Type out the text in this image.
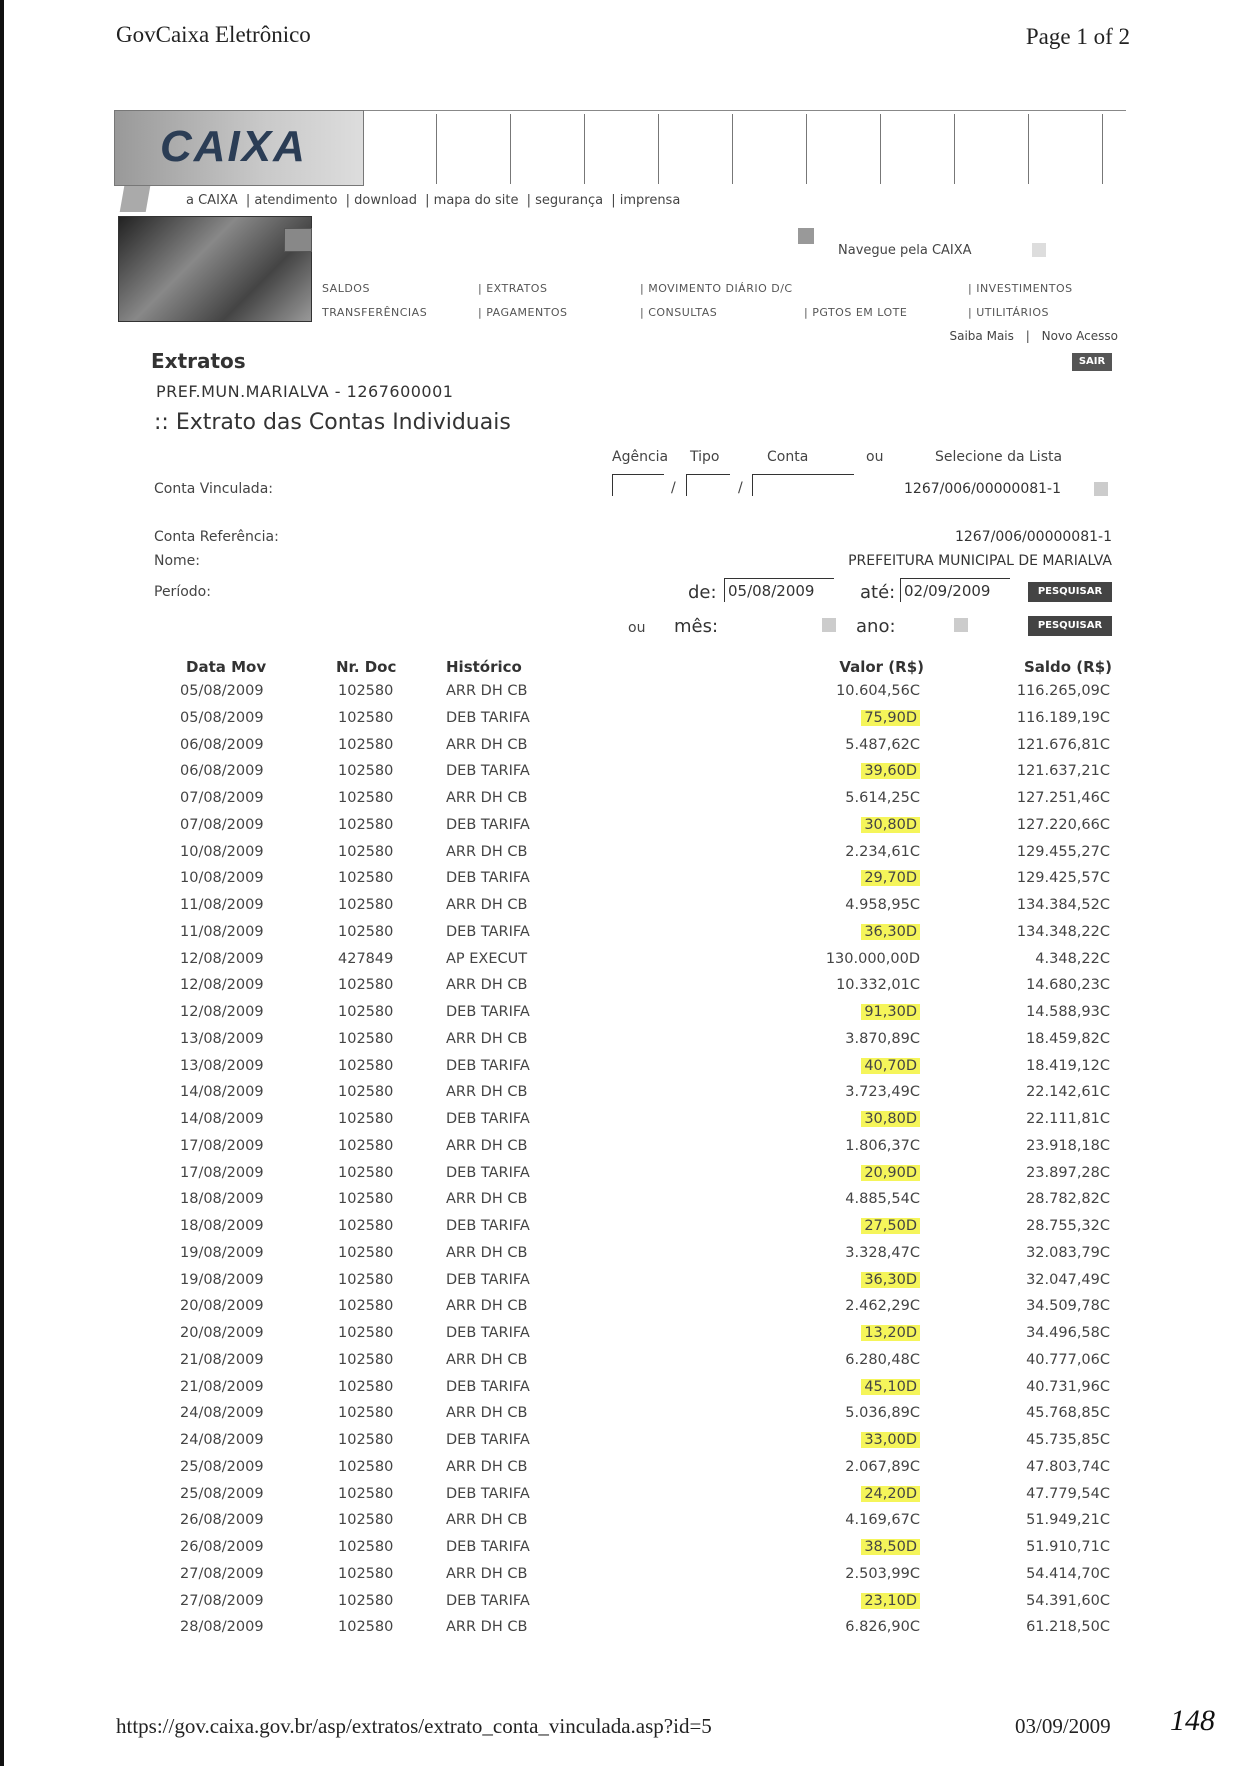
GovCaixa Eletrônico	Page 1 of 2
CAIXA
a CAIXA | atendimento | download | mapa do site | segurança | imprensa
Navegue pela CAIXA
SALDOS	| EXTRATOS	| MOVIMENTO DIÁRIO D/C	| INVESTIMENTOS
TRANSFERÊNCIAS	| PAGAMENTOS	| CONSULTAS	| PGTOS EM LOTE	| UTILITÁRIOS
Saiba Mais | Novo Acesso
Extratos	SAIR
PREF.MUN.MARIALVA - 1267600001
:: Extrato das Contas Individuais
Agência Tipo	Conta	ou	Selecione da Lista
Conta Vinculada:	/	/	1267/006/00000081-1
Conta Referência:	1267/006/00000081-1
Nome:	PREFEITURA MUNICIPAL DE MARIALVA
Período:	de: 05/08/2009	até: 02/09/2009	PESQUISAR
ou mês:	ano:	PESQUISAR
Data Mov	Nr. Doc	Histórico	Valor (R$)	Saldo (R$)
05/08/2009	102580	ARR DH CB	10.604,56C	116.265,09C
05/08/2009	102580	DEB TARIFA	75,90D	116.189,19C
06/08/2009	102580	ARR DH CB	5.487,62C	121.676,81C
06/08/2009	102580	DEB TARIFA	39,60D	121.637,21C
07/08/2009	102580	ARR DH CB	5.614,25C	127.251,46C
07/08/2009	102580	DEB TARIFA	30,80D	127.220,66C
10/08/2009	102580	ARR DH CB	2.234,61C	129.455,27C
10/08/2009	102580	DEB TARIFA	29,70D	129.425,57C
11/08/2009	102580	ARR DH CB	4.958,95C	134.384,52C
11/08/2009	102580	DEB TARIFA	36,30D	134.348,22C
12/08/2009	427849	AP EXECUT	130.000,00D	4.348,22C
12/08/2009	102580	ARR DH CB	10.332,01C	14.680,23C
12/08/2009	102580	DEB TARIFA	91,30D	14.588,93C
13/08/2009	102580	ARR DH CB	3.870,89C	18.459,82C
13/08/2009	102580	DEB TARIFA	40,70D	18.419,12C
14/08/2009	102580	ARR DH CB	3.723,49C	22.142,61C
14/08/2009	102580	DEB TARIFA	30,80D	22.111,81C
17/08/2009	102580	ARR DH CB	1.806,37C	23.918,18C
17/08/2009	102580	DEB TARIFA	20,90D	23.897,28C
18/08/2009	102580	ARR DH CB	4.885,54C	28.782,82C
18/08/2009	102580	DEB TARIFA	27,50D	28.755,32C
19/08/2009	102580	ARR DH CB	3.328,47C	32.083,79C
19/08/2009	102580	DEB TARIFA	36,30D	32.047,49C
20/08/2009	102580	ARR DH CB	2.462,29C	34.509,78C
20/08/2009	102580	DEB TARIFA	13,20D	34.496,58C
21/08/2009	102580	ARR DH CB	6.280,48C	40.777,06C
21/08/2009	102580	DEB TARIFA	45,10D	40.731,96C
24/08/2009	102580	ARR DH CB	5.036,89C	45.768,85C
24/08/2009	102580	DEB TARIFA	33,00D	45.735,85C
25/08/2009	102580	ARR DH CB	2.067,89C	47.803,74C
25/08/2009	102580	DEB TARIFA	24,20D	47.779,54C
26/08/2009	102580	ARR DH CB	4.169,67C	51.949,21C
26/08/2009	102580	DEB TARIFA	38,50D	51.910,71C
27/08/2009	102580	ARR DH CB	2.503,99C	54.414,70C
27/08/2009	102580	DEB TARIFA	23,10D	54.391,60C
28/08/2009	102580	ARR DH CB	6.826,90C	61.218,50C
https://gov.caixa.gov.br/asp/extratos/extrato_conta_vinculada.asp?id=5	03/09/2009 148
